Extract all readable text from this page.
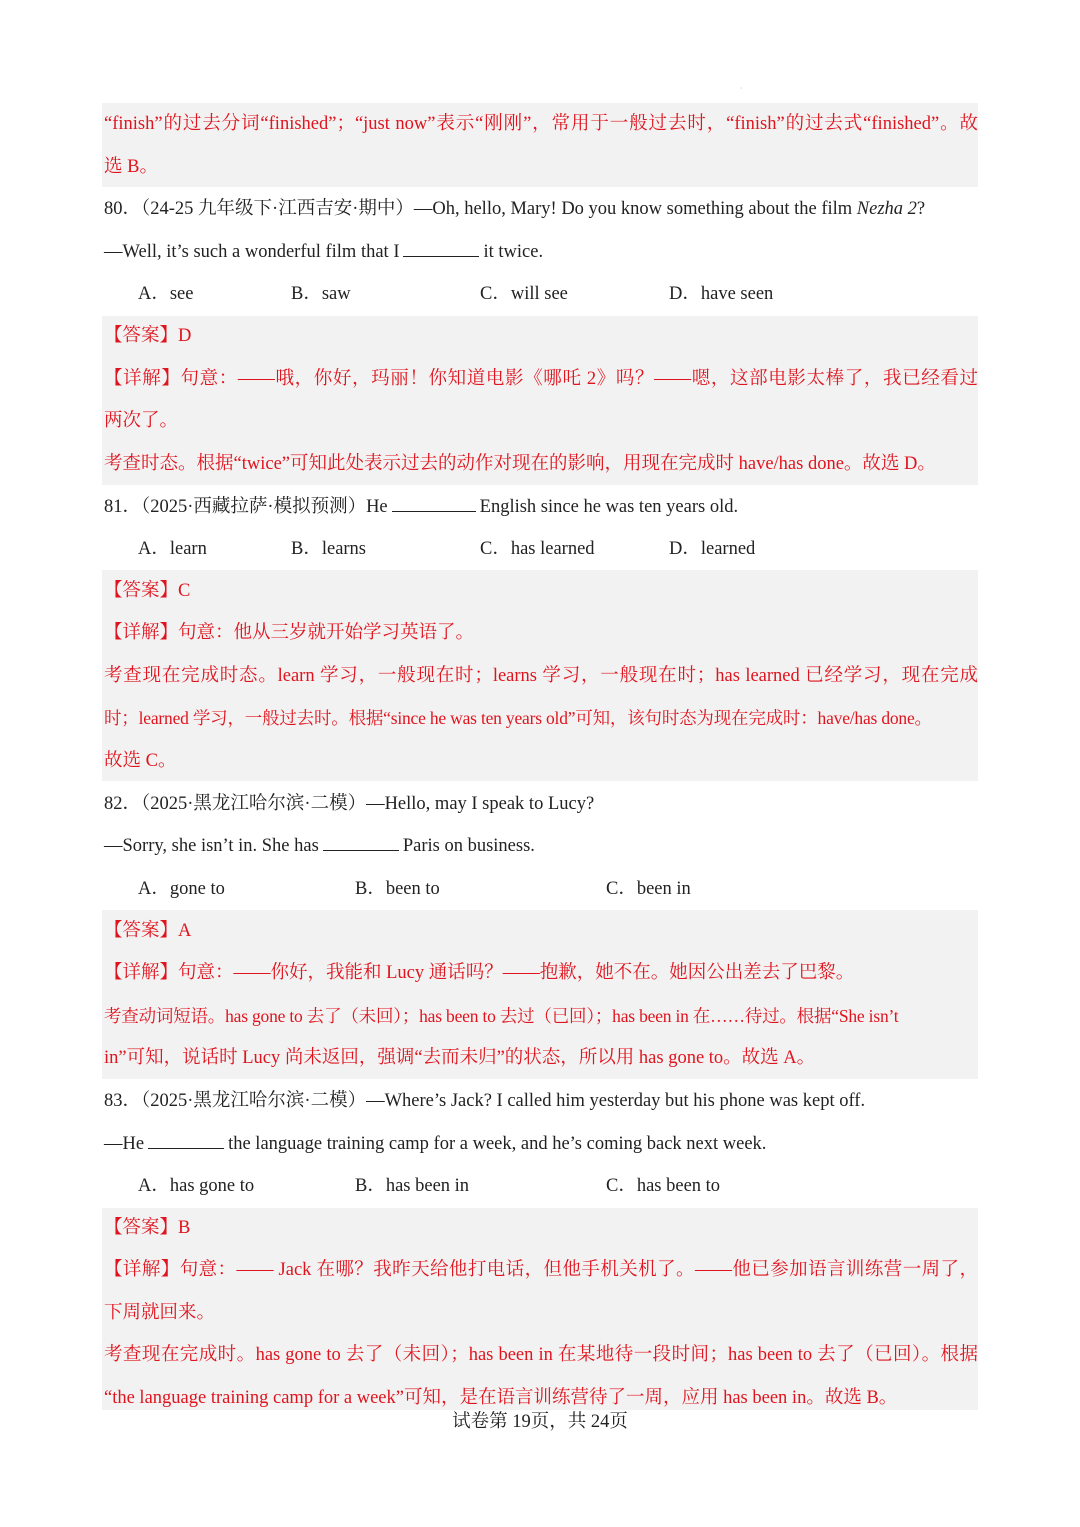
·
“finish”的过去分词“finished”；“just now”表示“刚刚”，常用于一般过去时，“finish”的过去式“finished”。故
选 B。
80．（24-25 九年级下·江西吉安·期中）—Oh, hello, Mary! Do you know something about the film Nezha 2?
—Well, it’s such a wonderful film that I	it twice.
A．see	B．saw	C．will see	D．have seen
【答案】D
【详解】句意：——哦，你好，玛丽！你知道电影《哪吒 2》吗？——嗯，这部电影太棒了，我已经看过
两次了。
考查时态。根据“twice”可知此处表示过去的动作对现在的影响，用现在完成时 have/has done。故选 D。
81．（2025·西藏拉萨·模拟预测）He	English since he was ten years old.
A．learn	B．learns	C．has learned	D．learned
【答案】C
【详解】句意：他从三岁就开始学习英语了。
考查现在完成时态。learn 学习，一般现在时；learns 学习，一般现在时；has learned 已经学习，现在完成
时；learned 学习，一般过去时。根据“since he was ten years old”可知，该句时态为现在完成时：have/has done。
故选 C。
82．（2025·黑龙江哈尔滨·二模）—Hello, may I speak to Lucy?
—Sorry, she isn’t in. She has	Paris on business.
A．gone to	B．been to	C．been in
【答案】A
【详解】句意：——你好，我能和 Lucy 通话吗？——抱歉，她不在。她因公出差去了巴黎。
考查动词短语。has gone to 去了（未回）；has been to 去过（已回）；has been in 在……待过。根据“She isn’t
in”可知，说话时 Lucy 尚未返回，强调“去而未归”的状态，所以用 has gone to。故选 A。
83．（2025·黑龙江哈尔滨·二模）—Where’s Jack? I called him yesterday but his phone was kept off.
—He	the language training camp for a week, and he’s coming back next week.
A．has gone to	B．has been in	C．has been to
【答案】B
【详解】句意：—— Jack 在哪？我昨天给他打电话，但他手机关机了。——他已参加语言训练营一周了，
下周就回来。
考查现在完成时。has gone to 去了（未回）；has been in 在某地待一段时间；has been to 去了（已回）。根据
“the language training camp for a week”可知，是在语言训练营待了一周，应用 has been in。故选 B。
试卷第 19页，共 24页
